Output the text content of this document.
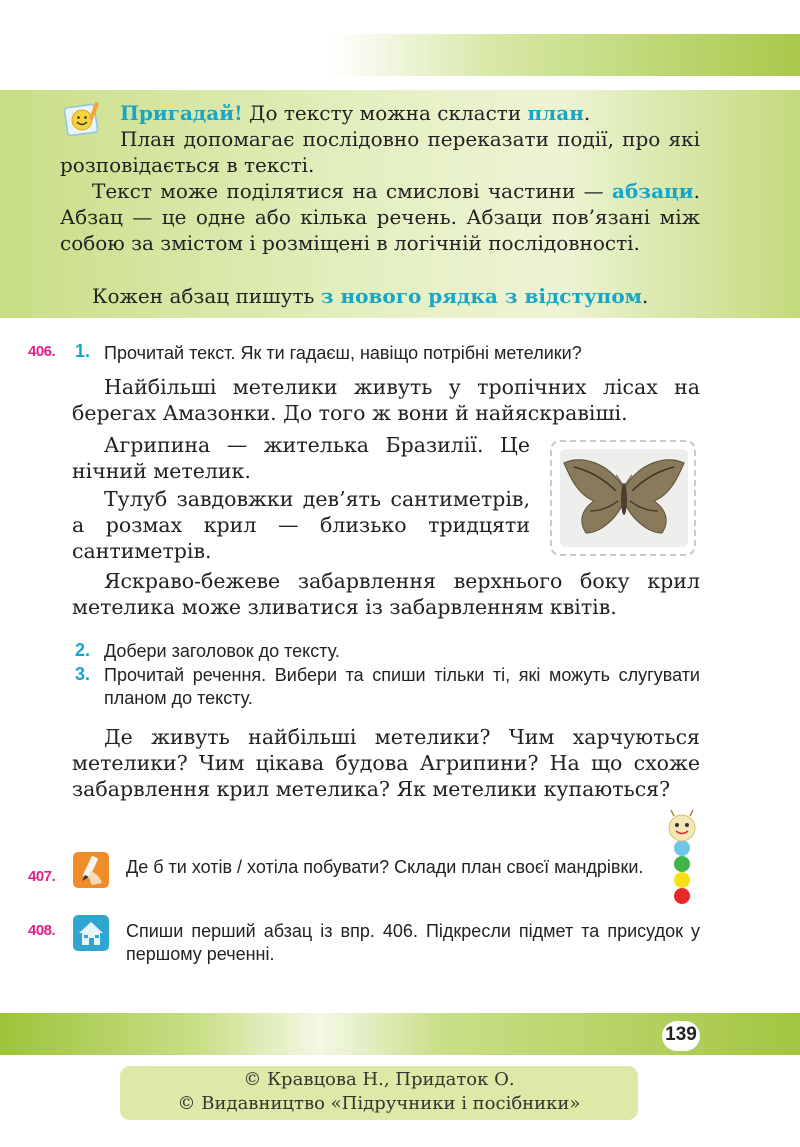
Пригадай! До тексту можна скласти план.

План допомагає послідовно переказати події, про які розповідається в тексті.

Текст може поділятися на смислові частини — абзаци. Абзац — це одне або кілька речень. Абзаци пов’язані між собою за змістом і розміщені в логічній послідовності.

Кожен абзац пишуть з нового рядка з відступом.

406. 1. Прочитай текст. Як ти гадаєш, навіщо потрібні метелики?

Найбільші метелики живуть у тропічних лісах на берегах Амазонки. До того ж вони й найяскравіші.

Агрипина — жителька Бразилії. Це нічний метелик.

Тулуб завдовжки дев’ять сантиметрів, а розмах крил — близько тридцяти сантиметрів.

Яскраво-бежеве забарвлення верхнього боку крил метелика може зливатися із забарвленням квітів.

2. Добери заголовок до тексту.

3. Прочитай речення. Вибери та спиши тільки ті, які можуть слугувати планом до тексту.

Де живуть найбільші метелики? Чим харчуються метелики? Чим цікава будова Агрипини? На що схоже забарвлення крил метелика? Як метелики купаються?

407.	Де б ти хотів / хотіла побувати? Склади план своєї мандрівки.

408.	Спиши перший абзац із впр. 406. Підкресли підмет та присудок у першому реченні.

139
© Кравцова Н., Придаток О.
© Видавництво «Підручники і посібники»
